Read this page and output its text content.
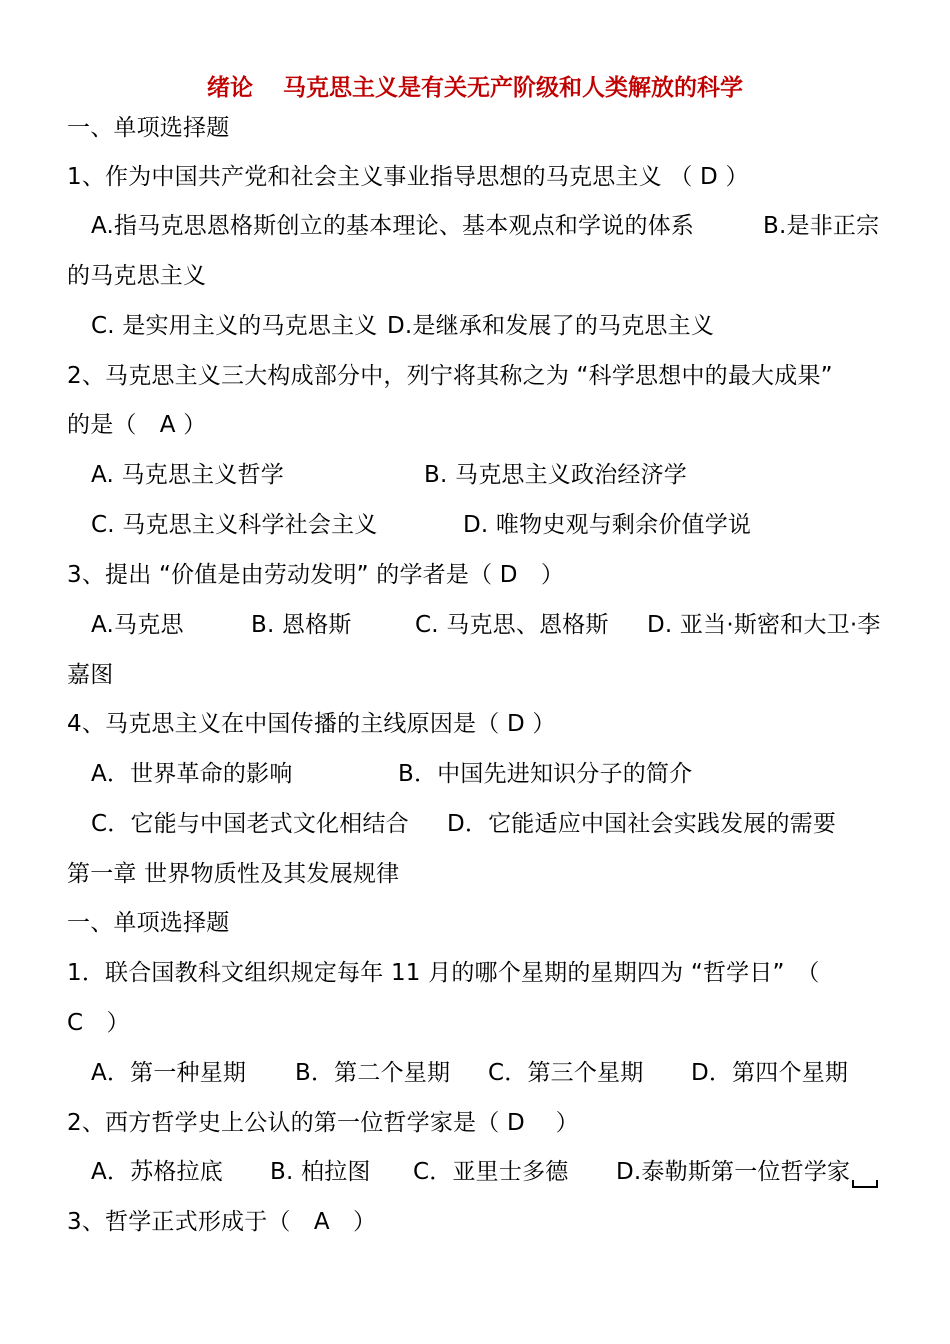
绪论 马克思主义是有关无产阶级和人类解放的科学
一、单项选择题
1、作为中国共产党和社会主义事业指导思想的马克思主义 （ D ）
A.指马克思恩格斯创立的基本理论、基本观点和学说的体系	B.是非正宗
的马克思主义
C. 是实用主义的马克思主义 D.是继承和发展了的马克思主义
2、马克思主义三大构成部分中，列宁将其称之为 “科学思想中的最大成果”
的是（　A ）
A. 马克思主义哲学	B. 马克思主义政治经济学
C. 马克思主义科学社会主义	D. 唯物史观与剩余价值学说
3、提出 “价值是由劳动发明” 的学者是（ D　）
A.马克思	B. 恩格斯	C. 马克思、恩格斯 D. 亚当·斯密和大卫·李
嘉图
4、马克思主义在中国传播的主线原因是（ D ）
A．世界革命的影响	B．中国先进知识分子的简介
C．它能与中国老式文化相结合 D．它能适应中国社会实践发展的需要
第一章 世界物质性及其发展规律
一、单项选择题
1．联合国教科文组织规定每年 11 月的哪个星期的星期四为 “哲学日”　（
C　）
A．第一种星期 B．第二个星期 C．第三个星期 D．第四个星期
2、西方哲学史上公认的第一位哲学家是（ D　 ）
A．苏格拉底 B. 柏拉图 C．亚里士多德 D.泰勒斯第一位哲学家
3、哲学正式形成于（　A　）
